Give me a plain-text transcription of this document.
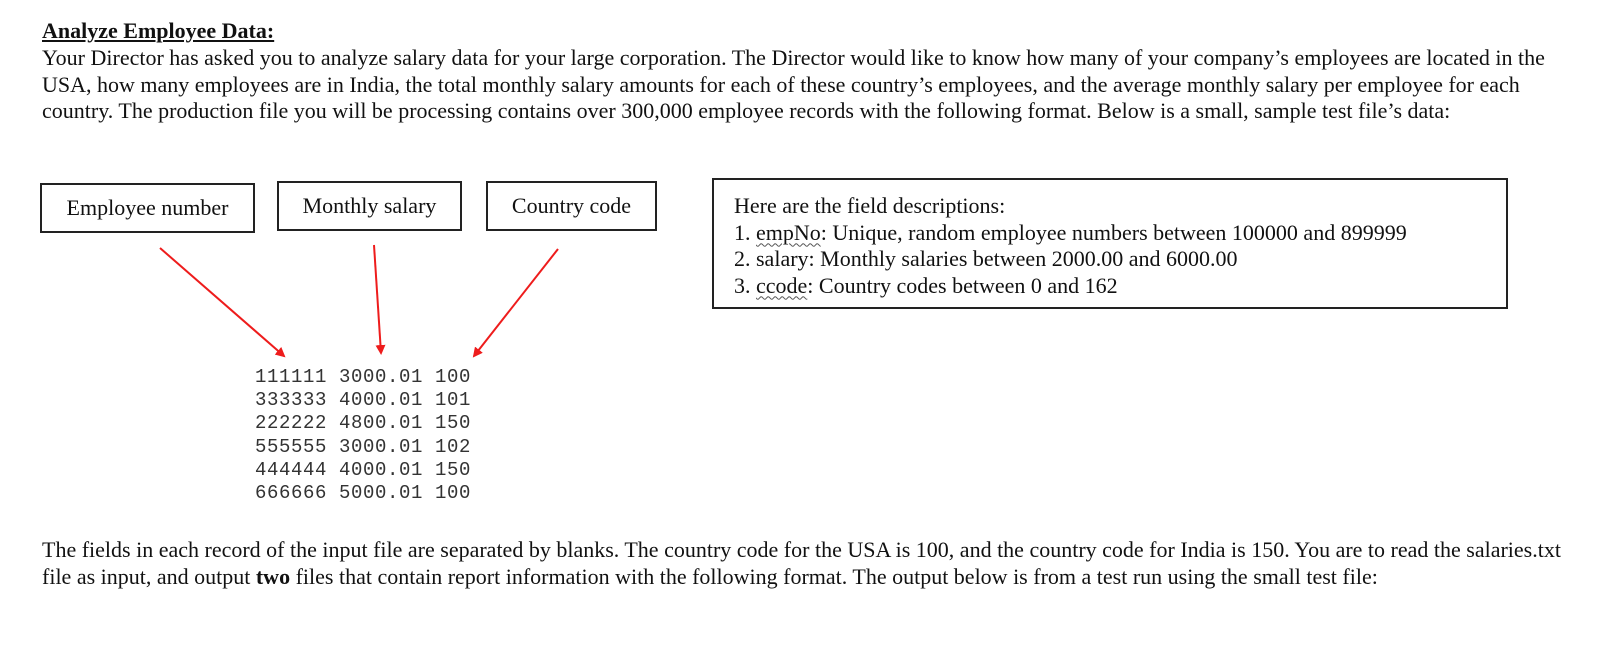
Analyze Employee Data:

Your Director has asked you to analyze salary data for your large corporation. The Director would like to know how many of your company’s employees are located in the USA, how many employees are in India, the total monthly salary amounts for each of these country’s employees, and the average monthly salary per employee for each country. The production file you will be processing contains over 300,000 employee records with the following format. Below is a small, sample test file’s data:

Employee number	Monthly salary	Country code	Here are the field descriptions:
1. empNo: Unique, random employee numbers between 100000 and 899999
2. salary: Monthly salaries between 2000.00 and 6000.00
3. ccode: Country codes between 0 and 162
111111 3000.01 100
333333 4000.01 101
222222 4800.01 150
555555 3000.01 102
444444 4000.01 150
666666 5000.01 100

The fields in each record of the input file are separated by blanks. The country code for the USA is 100, and the country code for India is 150. You are to read the salaries.txt file as input, and output two files that contain report information with the following format. The output below is from a test run using the small test file:
